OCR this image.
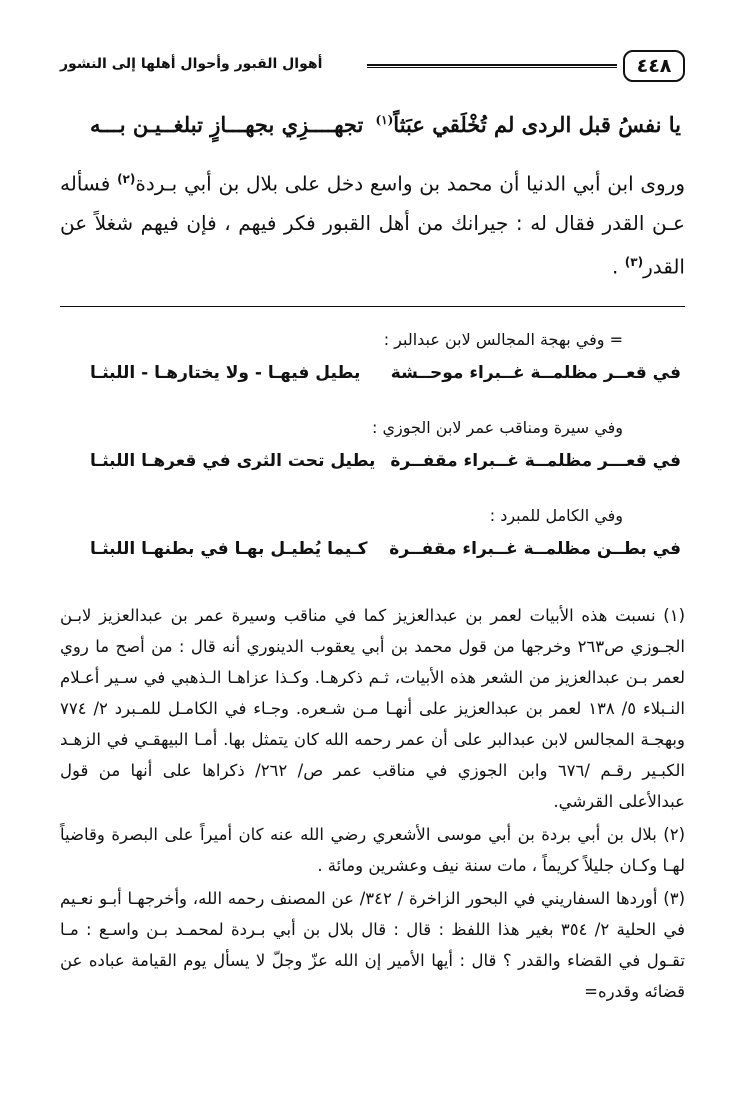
٤٤٨
أهوال القبور وأحوال أهلها إلى النشور
يا نفسُ قبل الردى لم تُخْلَقي عبَثاً$^{(١)}$
تجهــــزِي بجهـــازٍ تبلغــيـن بـــه

وروى ابن أبي الدنيا أن محمد بن واسع دخل على بلال بن أبي بـردة$^{(٢)}$ فسأله عـن القدر فقال له : جيرانك من أهل القبور فكر فيهم ، فإن فيهم شغلاً عن القدر$^{(٣)}$ .

= وفي بهجة المجالس لابن عبدالبر :

في قعــر مظلمــة غــبراء موحــشة
يطيل فيهـا - ولا يختارهـا - اللبثـا

وفي سيرة ومناقب عمر لابن الجوزي :

في قعـــر مظلمــة غــبراء مقفــرة
يطيل تحت الثرى في قعرهـا اللبثـا

وفي الكامل للمبرد :

في بطــن مظلمــة غــبراء مقفــرة
كـيما يُطيـل بهـا في بطنهـا اللبثـا

(١) نسبت هذه الأبيات لعمر بن عبدالعزيز كما في مناقب وسيرة عمر بن عبدالعزيز لابـن الجـوزي ص٢٦٣ وخرجها من قول محمد بن أبي يعقوب الدينوري أنه قال : من أصح ما روي لعمر بـن عبدالعزيز من الشعر هذه الأبيات، ثـم ذكرهـا. وكـذا عزاهـا الـذهبي في سـير أعـلام النـبلاء ٥/ ١٣٨ لعمر بن عبدالعزيز على أنهـا مـن شـعره. وجـاء في الكامـل للمـبرد ٢/ ٧٧٤ وبهجـة المجالس لابن عبدالبر على أن عمر رحمه الله كان يتمثل بها. أمـا البيهقـي في الزهـد الكبـير رقـم /٦٧٦ وابن الجوزي في مناقب عمر ص/ ٢٦٢/ ذكراها على أنها من قول عبدالأعلى القرشي.

(٢) بلال بن أبي بردة بن أبي موسى الأشعري رضي الله عنه كان أميراً على البصرة وقاضياً لهـا وكـان جليلاً كريماً ، مات سنة نيف وعشرين ومائة .

(٣) أوردها السفاريني في البحور الزاخرة / ٣٤٢/ عن المصنف رحمه الله، وأخرجهـا أبـو نعـيم في الحلية ٢/ ٣٥٤ بغير هذا اللفظ : قال : قال بلال بن أبي بـردة لمحمـد بـن واسـع : مـا تقـول في القضاء والقدر ؟ قال : أيها الأمير إن الله عزّ وجلّ لا يسأل يوم القيامة عباده عن قضائه وقدره=
